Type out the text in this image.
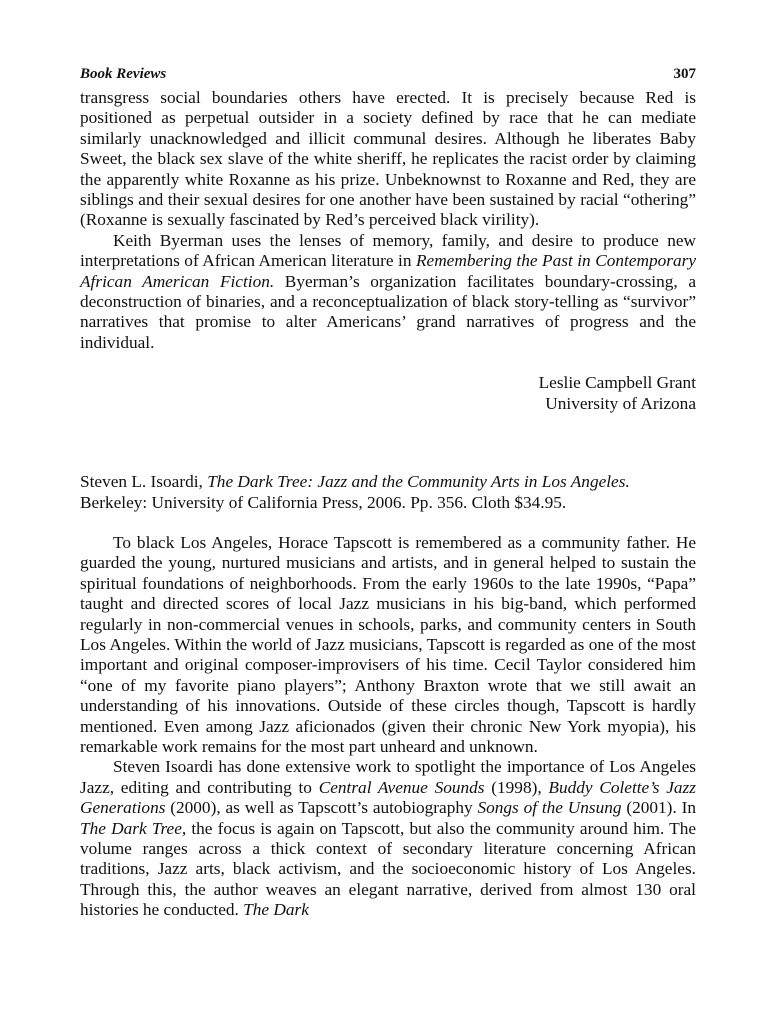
Book Reviews	307

transgress social boundaries others have erected. It is precisely because Red is positioned as perpetual outsider in a society defined by race that he can mediate similarly unacknowledged and illicit communal desires. Although he liberates Baby Sweet, the black sex slave of the white sheriff, he replicates the racist order by claiming the apparently white Roxanne as his prize. Unbeknownst to Roxanne and Red, they are siblings and their sexual desires for one another have been sustained by racial “othering” (Roxanne is sexually fascinated by Red’s perceived black virility).

Keith Byerman uses the lenses of memory, family, and desire to produce new interpretations of African American literature in Remembering the Past in Contemporary African American Fiction. Byerman’s organization facilitates boundary-crossing, a deconstruction of binaries, and a reconceptualization of black story-telling as “survivor” narratives that promise to alter Americans’ grand narratives of progress and the individual.

Leslie Campbell Grant
University of Arizona
Steven L. Isoardi, The Dark Tree: Jazz and the Community Arts in Los Angeles. Berkeley: University of California Press, 2006. Pp. 356. Cloth $34.95.

To black Los Angeles, Horace Tapscott is remembered as a community father. He guarded the young, nurtured musicians and artists, and in general helped to sustain the spiritual foundations of neighborhoods. From the early 1960s to the late 1990s, “Papa” taught and directed scores of local Jazz musicians in his big-band, which performed regularly in non-commercial venues in schools, parks, and community centers in South Los Angeles. Within the world of Jazz musicians, Tapscott is regarded as one of the most important and original composer-improvisers of his time. Cecil Taylor considered him “one of my favorite piano players”; Anthony Braxton wrote that we still await an understanding of his innovations. Outside of these circles though, Tapscott is hardly mentioned. Even among Jazz aficionados (given their chronic New York myopia), his remarkable work remains for the most part unheard and unknown.

Steven Isoardi has done extensive work to spotlight the importance of Los Angeles Jazz, editing and contributing to Central Avenue Sounds (1998), Buddy Colette’s Jazz Generations (2000), as well as Tapscott’s autobiography Songs of the Unsung (2001). In The Dark Tree, the focus is again on Tapscott, but also the community around him. The volume ranges across a thick context of secondary literature concerning African traditions, Jazz arts, black activism, and the socioeconomic history of Los Angeles. Through this, the author weaves an elegant narrative, derived from almost 130 oral histories he conducted. The Dark
